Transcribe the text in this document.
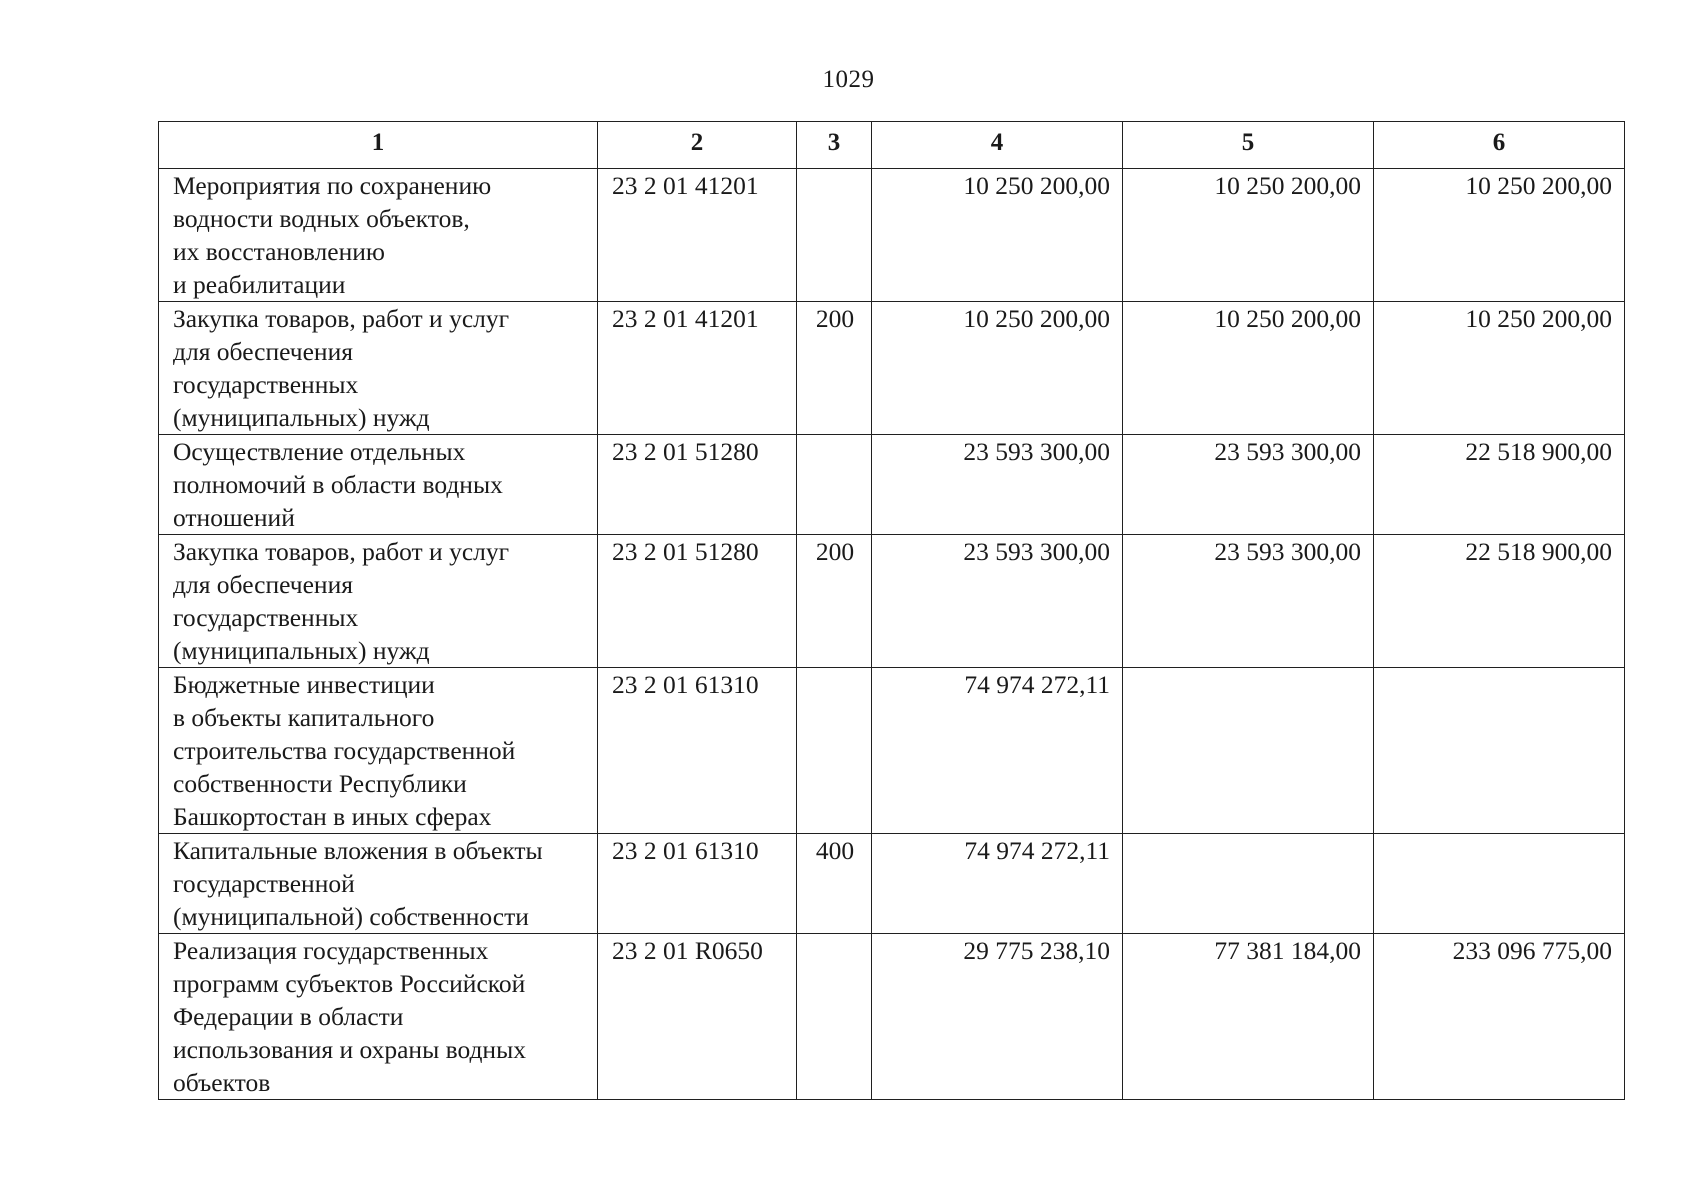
1029
1	2	3	4	5	6
Мероприятия по сохранению
водности водных объектов,
их восстановлению
и реабилитации	23 2 01 41201		10 250 200,00	10 250 200,00	10 250 200,00
Закупка товаров, работ и услуг
для обеспечения
государственных
(муниципальных) нужд	23 2 01 41201	200	10 250 200,00	10 250 200,00	10 250 200,00
Осуществление отдельных
полномочий в области водных
отношений	23 2 01 51280		23 593 300,00	23 593 300,00	22 518 900,00
Закупка товаров, работ и услуг
для обеспечения
государственных
(муниципальных) нужд	23 2 01 51280	200	23 593 300,00	23 593 300,00	22 518 900,00
Бюджетные инвестиции
в объекты капитального
строительства государственной
собственности Республики
Башкортостан в иных сферах	23 2 01 61310		74 974 272,11		
Капитальные вложения в объекты
государственной
(муниципальной) собственности	23 2 01 61310	400	74 974 272,11		
Реализация государственных
программ субъектов Российской
Федерации в области
использования и охраны водных
объектов	23 2 01 R0650		29 775 238,10	77 381 184,00	233 096 775,00
